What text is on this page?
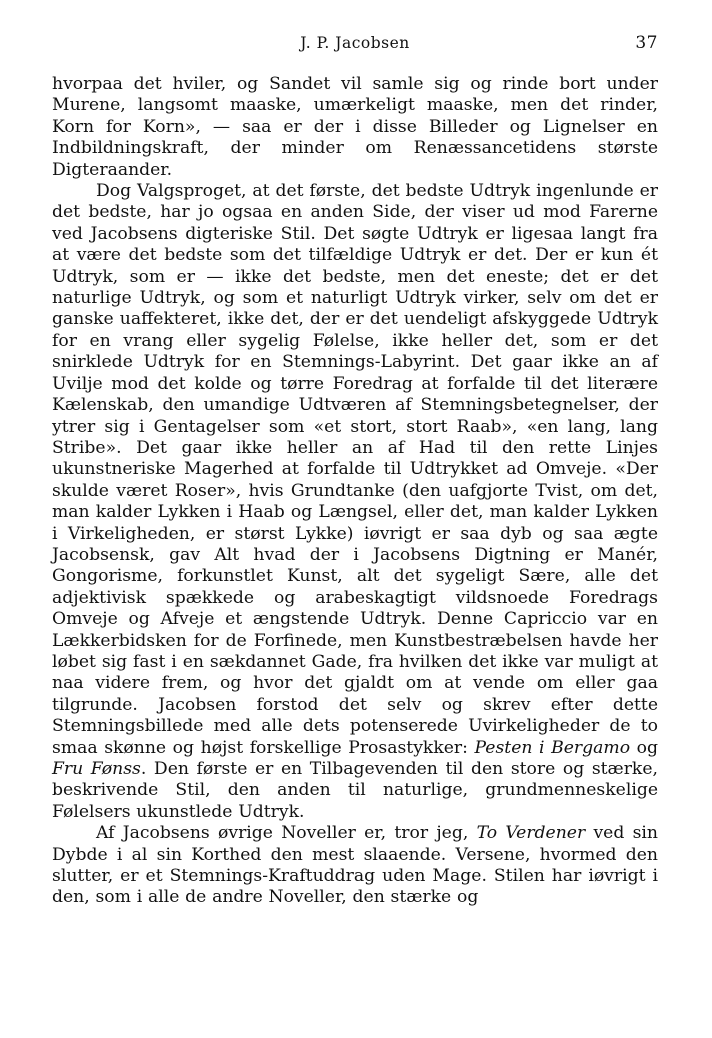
J. P. Jacobsen	37

hvorpaa det hviler, og Sandet vil samle sig og rinde bort under Murene, langsomt maaske, umærkeligt maaske, men det rinder, Korn for Korn», — saa er der i disse Billeder og Lignelser en Indbildningskraft, der minder om Renæssancetidens største Digteraander.

Dog Valgsproget, at det første, det bedste Udtryk ingenlunde er det bedste, har jo ogsaa en anden Side, der viser ud mod Farerne ved Jacobsens digteriske Stil. Det søgte Udtryk er ligesaa langt fra at være det bedste som det tilfældige Udtryk er det. Der er kun ét Udtryk, som er — ikke det bedste, men det eneste; det er det naturlige Udtryk, og som et naturligt Udtryk virker, selv om det er ganske uaffekteret, ikke det, der er det uendeligt afskyggede Udtryk for en vrang eller sygelig Følelse, ikke heller det, som er det snirklede Udtryk for en Stemnings-Labyrint. Det gaar ikke an af Uvilje mod det kolde og tørre Foredrag at forfalde til det literære Kælenskab, den umandige Udtværen af Stemningsbetegnelser, der ytrer sig i Gentagelser som «et stort, stort Raab», «en lang, lang Stribe». Det gaar ikke heller an af Had til den rette Linjes ukunstneriske Magerhed at forfalde til Udtrykket ad Omveje. «Der skulde været Roser», hvis Grundtanke (den uafgjorte Tvist, om det, man kalder Lykken i Haab og Længsel, eller det, man kalder Lykken i Virkeligheden, er størst Lykke) iøvrigt er saa dyb og saa ægte Jacobsensk, gav Alt hvad der i Jacobsens Digtning er Manér, Gongorisme, forkunstlet Kunst, alt det sygeligt Sære, alle det adjektivisk spækkede og arabeskagtigt vildsnoede Foredrags Omveje og Afveje et ængstende Udtryk. Denne Capriccio var en Lækkerbidsken for de Forfinede, men Kunstbestræbelsen havde her løbet sig fast i en sækdannet Gade, fra hvilken det ikke var muligt at naa videre frem, og hvor det gjaldt om at vende om eller gaa tilgrunde. Jacobsen forstod det selv og skrev efter dette Stemningsbillede med alle dets potenserede Uvirkeligheder de to smaa skønne og højst forskellige Prosastykker: Pesten i Bergamo og Fru Fønss. Den første er en Tilbagevenden til den store og stærke, beskrivende Stil, den anden til naturlige, grundmenneskelige Følelsers ukunstlede Udtryk.

Af Jacobsens øvrige Noveller er, tror jeg, To Verdener ved sin Dybde i al sin Korthed den mest slaaende. Versene, hvormed den slutter, er et Stemnings-Kraftuddrag uden Mage. Stilen har iøvrigt i den, som i alle de andre Noveller, den stærke og
